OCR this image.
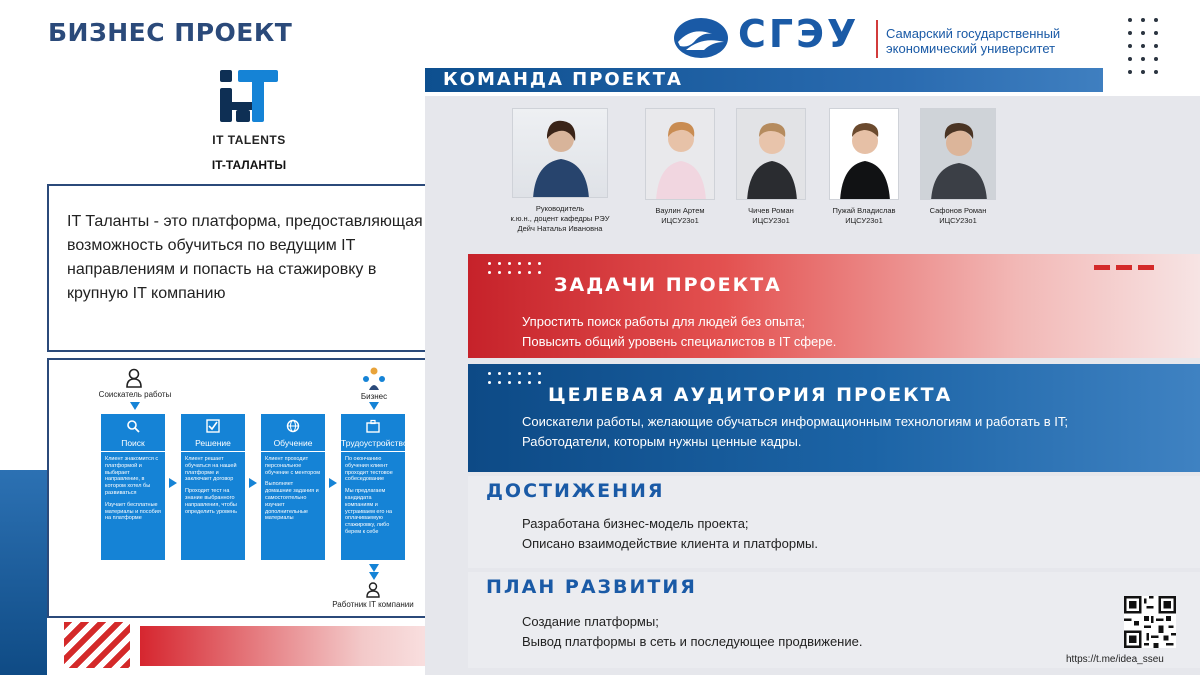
БИЗНЕС ПРОЕКТ	СГЭУ Самарский государственный
экономический университет
IT TALENTS
IT-ТАЛАНТЫ
IT Таланты - это платформа, предоставляющая возможность обучиться по ведущим IT направлениям и попасть на стажировку в крупную IT компанию
Соискатель работы	Бизнес
Поиск

Клиент знакомится с платформой и выбирает направление, в котором хотел бы развиваться

Изучает бесплатные материалы и пособия на платформе

Решение

Клиент решает обучаться на нашей платформе и заключает договор

Проходит тест на знание выбранного направления, чтобы определить уровень

Обучение

Клиент проходит персональное обучение с ментором

Выполняет домашние задания и самостоятельно изучает дополнительные материалы

Трудоустройство

По окончанию обучения клиент проходит тестовое собеседование

Мы предлагаем кандидата компаниям и устраиваем его на оплачиваемую стажировку, либо берем к себе

Работник IT компании
КОМАНДА ПРОЕКТА
Руководитель
к.ю.н., доцент кафедры РЭУ
Дейч Наталья Ивановна
Ваулин Артем
ИЦСУ23о1
Чичев Роман
ИЦСУ23о1
Пужай Владислав
ИЦСУ23о1
Сафонов Роман
ИЦСУ23о1
ЗАДАЧИ ПРОЕКТА
Упростить поиск работы для людей без опыта;
Повысить общий уровень специалистов в IT сфере.
ЦЕЛЕВАЯ АУДИТОРИЯ ПРОЕКТА
Соискатели работы, желающие обучаться информационным технологиям и работать в IT;
Работодатели, которым нужны ценные кадры.
ДОСТИЖЕНИЯ
Разработана бизнес-модель проекта;
Описано взаимодействие клиента и платформы.
ПЛАН РАЗВИТИЯ
Создание платформы;
Вывод платформы в сеть и последующее продвижение.
https://t.me/idea_sseu
